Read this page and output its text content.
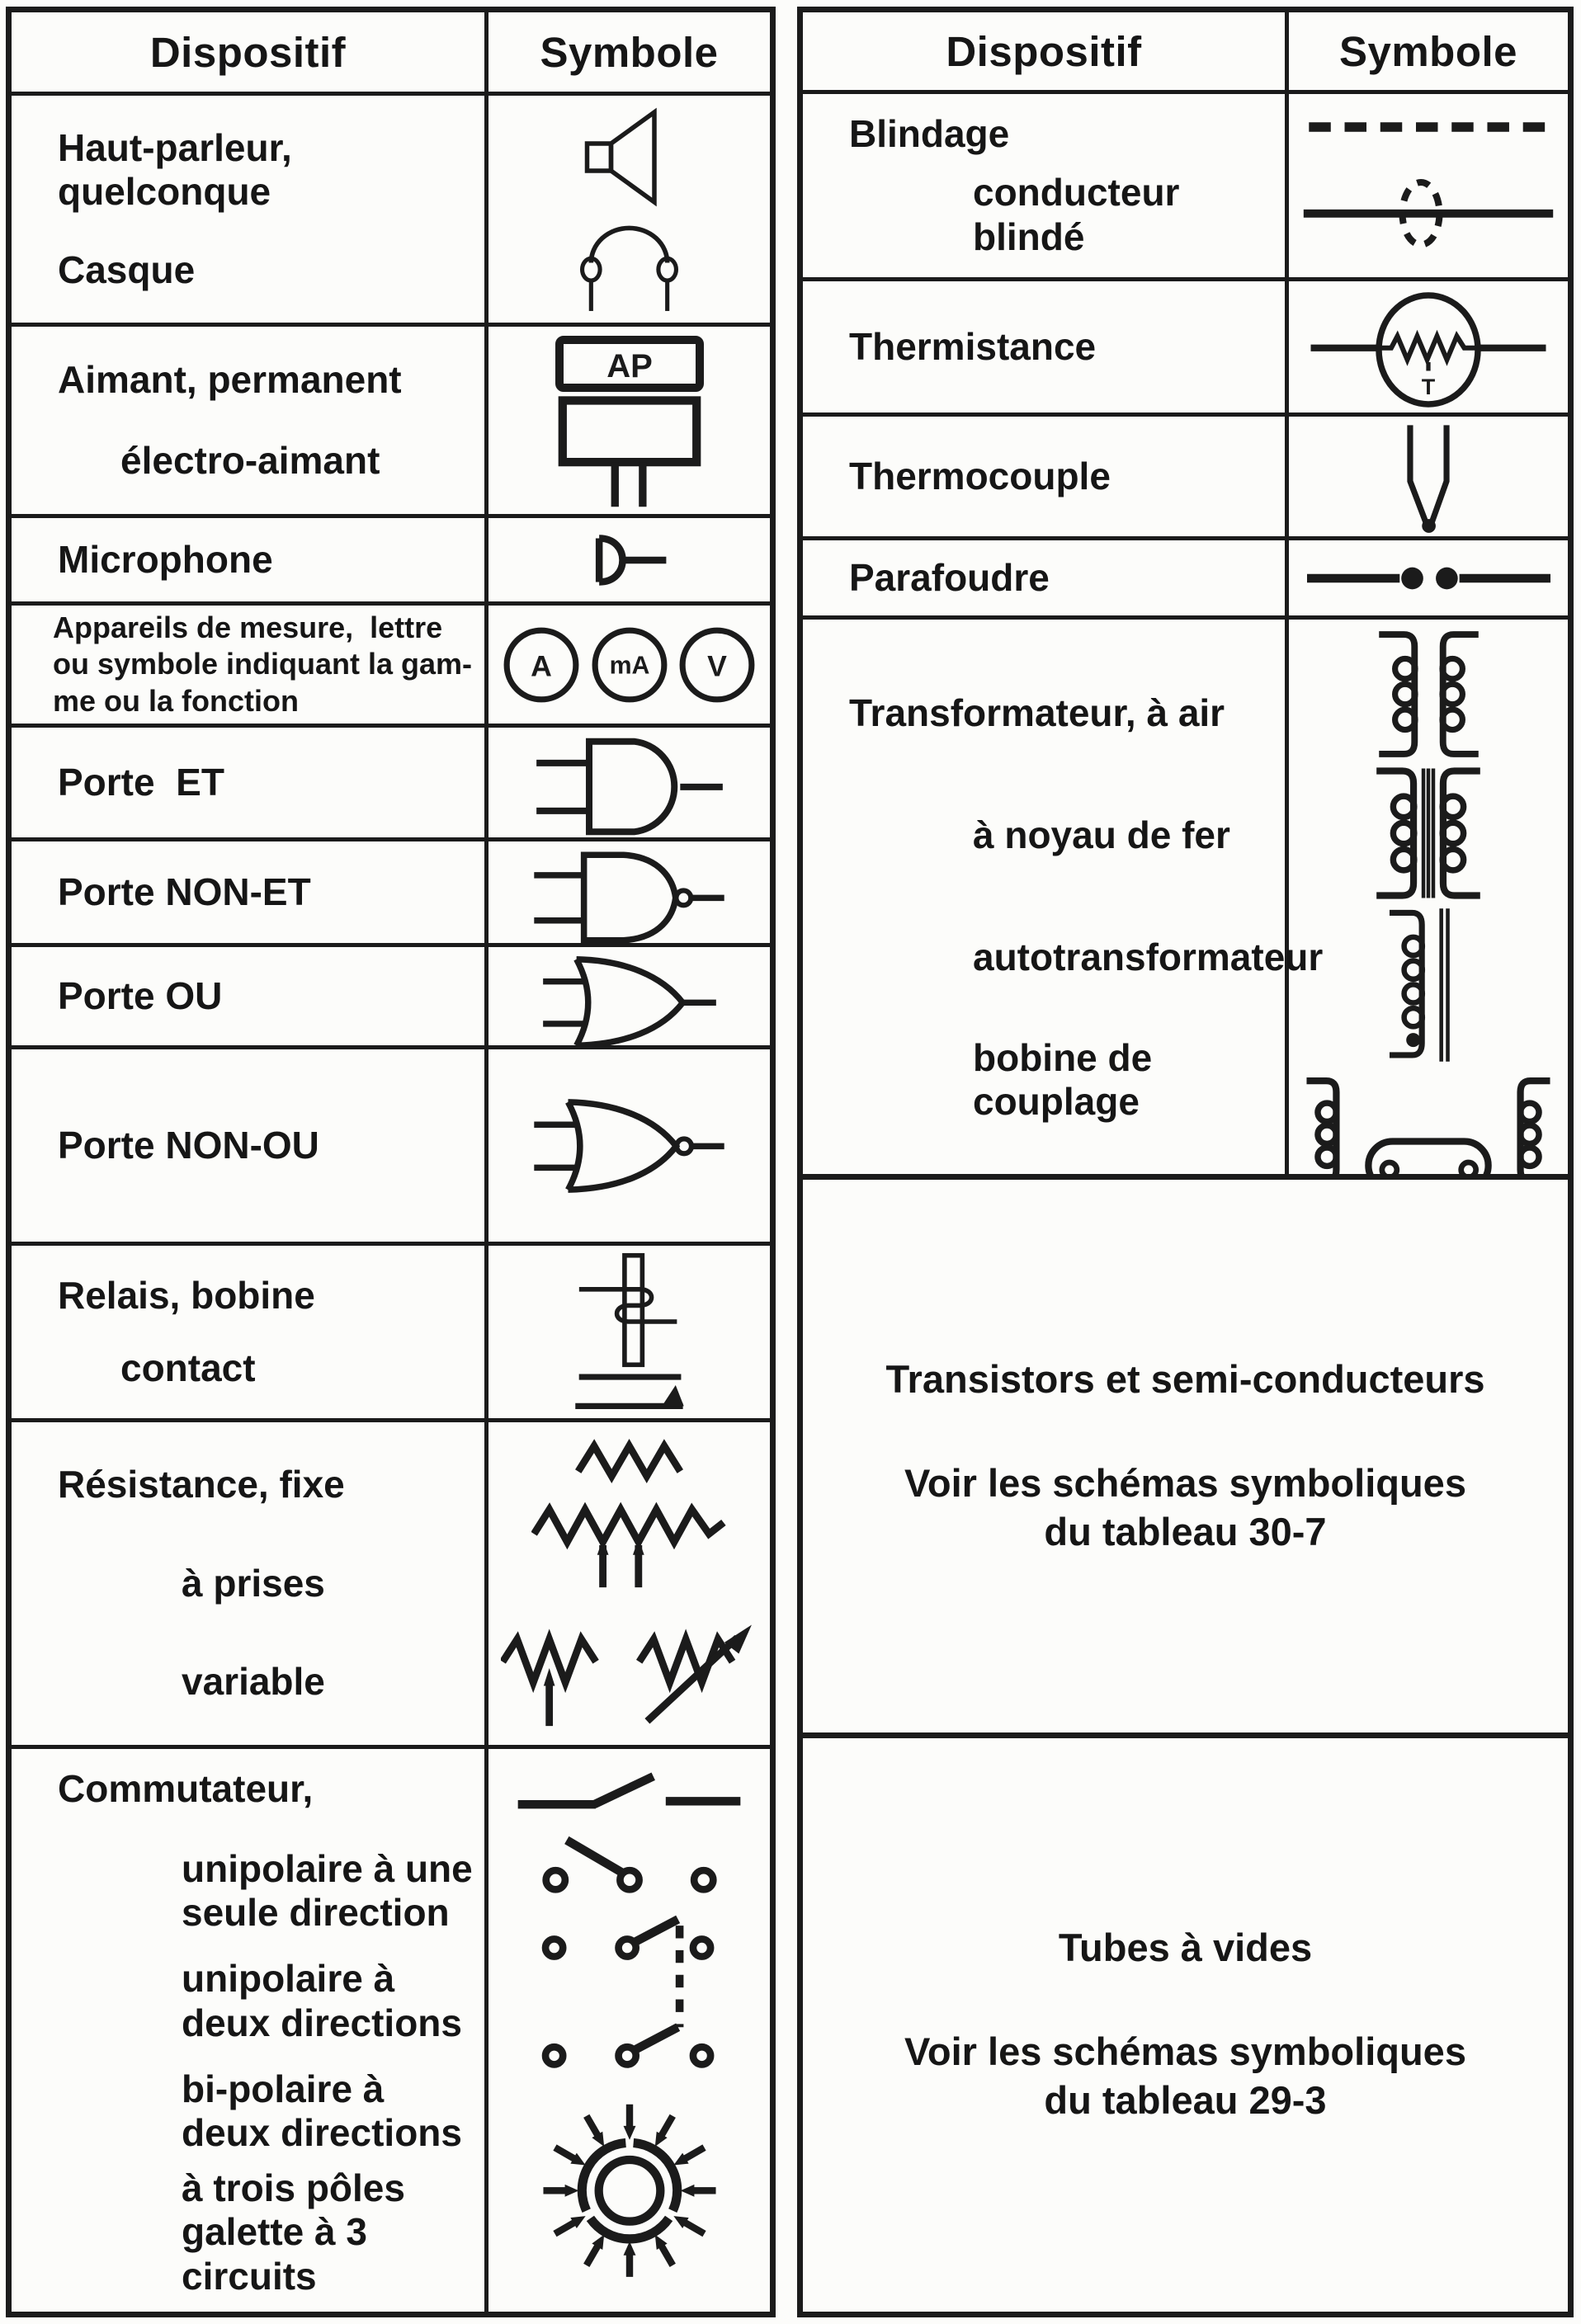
Dispositif	Symbole
Haut-parleur,
quelconque
Casque
Aimant, permanent
électro-aimant
AP
Microphone
Appareils de mesure,  lettre
ou symbole indiquant la gam-
me ou la fonction
A mA V
Porte  ET
Porte NON-ET
Porte OU
Porte NON-OU
Relais, bobine
contact
Résistance, fixe
à prises
variable
Commutateur,
unipolaire à une
seule direction
unipolaire à
deux directions
bi-polaire à
deux directions
à trois pôles
galette à 3 circuits
Dispositif	Symbole
Blindage
conducteur   blindé
Thermistance
T
Thermocouple
Parafoudre
Transformateur, à air
à noyau de fer
autotransformateur
bobine de couplage
Transistors et semi-conducteurs
Voir les schémas symboliques
du tableau 30-7
Tubes à vides
Voir les schémas symboliques
du tableau 29-3
